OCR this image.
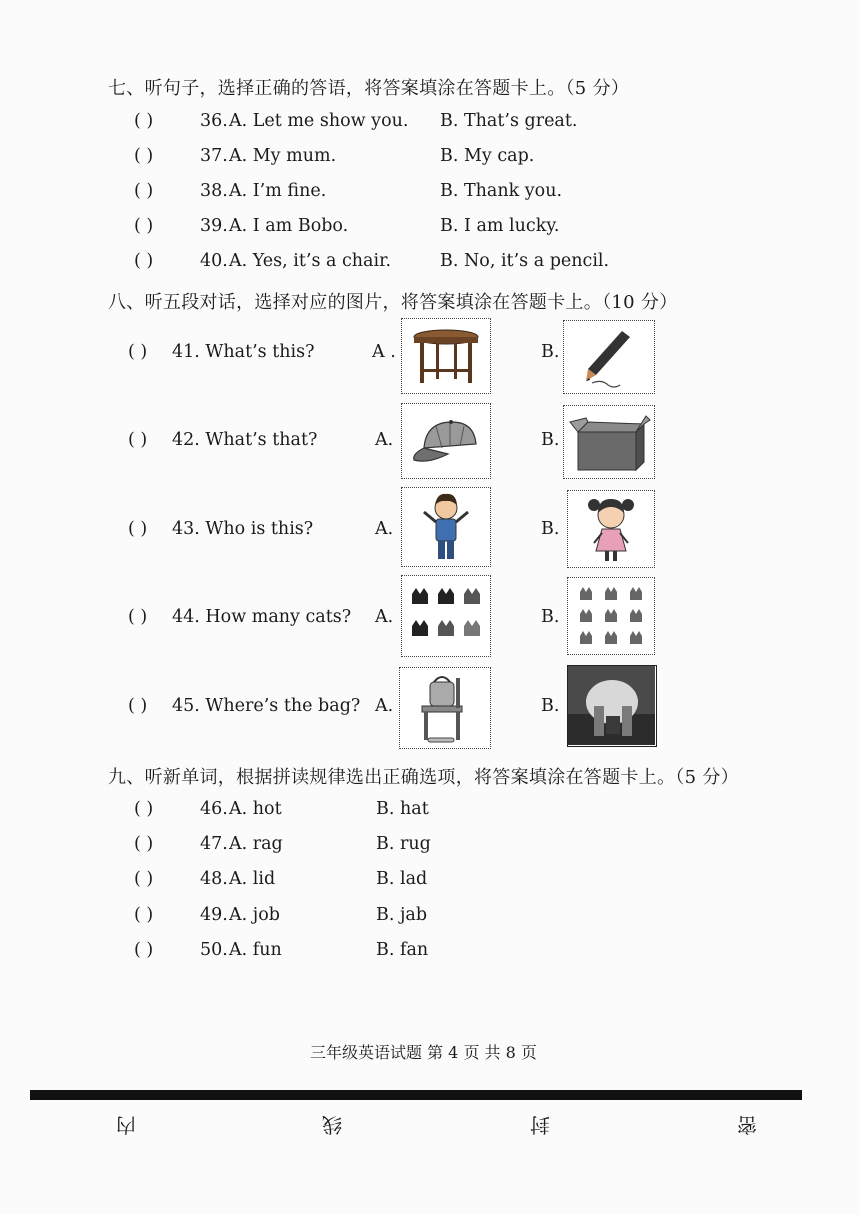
七、听句子，选择正确的答语，将答案填涂在答题卡上。（5 分）
( )	36. A. Let me show you. B. That’s great.
( )	37. A. My mum.	B. My cap.
( )	38. A. I’m fine.	B. Thank you.
( )	39. A. I am Bobo.	B. I am lucky.
( )	40. A. Yes, it’s a chair.	B. No, it’s a pencil.
八、听五段对话，选择对应的图片，将答案填涂在答题卡上。（10 分）
( ) 41. What’s this?	A .	B.
( ) 42. What’s that?	A.	B.
( ) 43. Who is this?	A.	B.
( ) 44. How many cats? A.	B.
( ) 45. Where’s the bag? A.	B.
九、听新单词，根据拼读规律选出正确选项，将答案填涂在答题卡上。（5 分）
( )	46. A. hot	B. hat
( )	47. A. rag	B. rug
( )	48. A. lid	B. lad
( )	49. A. job	B. jab
( )	50. A. fun	B. fan
三年级英语试题 第 4 页 共 8 页
内	线	封	密
